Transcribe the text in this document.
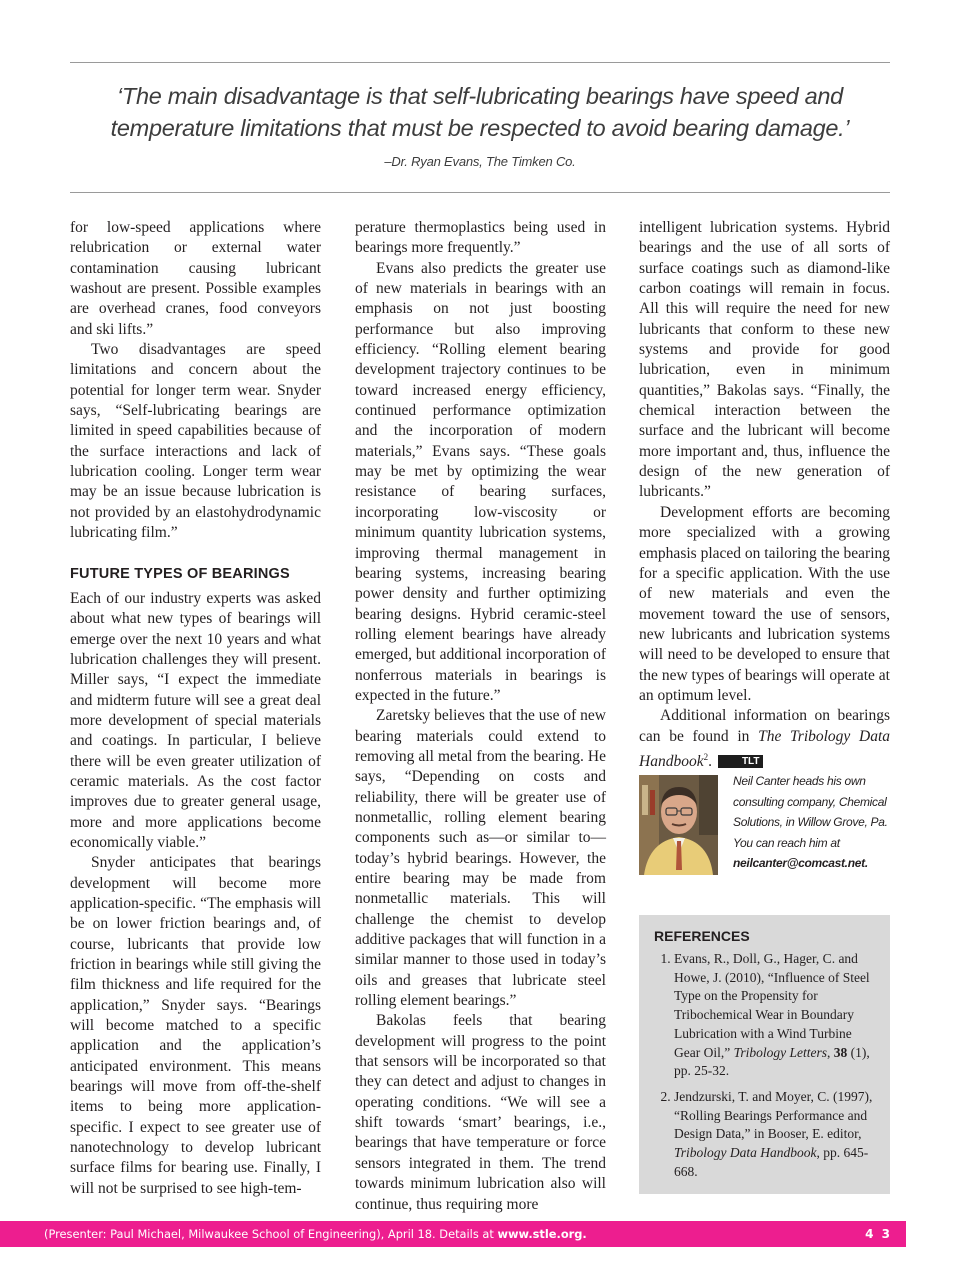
‘The main disadvantage is that self-lubricating bearings have speed and
temperature limitations that must be respected to avoid bearing damage.’
–Dr. Ryan Evans, The Timken Co.

for low-speed applications where relubrication or external water contamination causing lubricant washout are present. Possible examples are overhead cranes, food conveyors and ski lifts.”

Two disadvantages are speed limitations and concern about the potential for longer term wear. Snyder says, “Self-lubricating bearings are limited in speed capabilities because of the surface interactions and lack of lubrication cooling. Longer term wear may be an issue because lubrication is not provided by an elastohydrodynamic lubricating film.”

FUTURE TYPES OF BEARINGS

Each of our industry experts was asked about what new types of bearings will emerge over the next 10 years and what lubrication challenges they will present. Miller says, “I expect the immediate and midterm future will see a great deal more development of special materials and coatings. In particular, I believe there will be even greater utilization of ceramic materials. As the cost factor improves due to greater general usage, more and more applications become economically viable.”

Snyder anticipates that bearings development will become more application-specific. “The emphasis will be on lower friction bearings and, of course, lubricants that provide low friction in bearings while still giving the film thickness and life required for the application,” Snyder says. “Bearings will become matched to a specific application and the application’s anticipated environment. This means bearings will move from off-the-shelf items to being more application-specific. I expect to see greater use of nanotechnology to develop lubricant surface films for bearing use. Finally, I will not be surprised to see high-tem-

perature thermoplastics being used in bearings more frequently.”

Evans also predicts the greater use of new materials in bearings with an emphasis on not just boosting performance but also improving efficiency. “Rolling element bearing development trajectory continues to be toward increased energy efficiency, continued performance optimization and the incorporation of modern materials,” Evans says. “These goals may be met by optimizing the wear resistance of bearing surfaces, incorporating low-viscosity or minimum quantity lubrication systems, improving thermal management in bearing systems, increasing bearing power density and further optimizing bearing designs. Hybrid ceramic-steel rolling element bearings have already emerged, but additional incorporation of nonferrous materials in bearings is expected in the future.”

Zaretsky believes that the use of new bearing materials could extend to removing all metal from the bearing. He says, “Depending on costs and reliability, there will be greater use of nonmetallic, rolling element bearing components such as—or similar to—today’s hybrid bearings. However, the entire bearing may be made from nonmetallic materials. This will challenge the chemist to develop additive packages that will function in a similar manner to those used in today’s oils and greases that lubricate steel rolling element bearings.”

Bakolas feels that bearing development will progress to the point that sensors will be incorporated so that they can detect and adjust to changes in operating conditions. “We will see a shift towards ‘smart’ bearings, i.e., bearings that have temperature or force sensors integrated in them. The trend towards minimum lubrication also will continue, thus requiring more

intelligent lubrication systems. Hybrid bearings and the use of all sorts of surface coatings such as diamond-like carbon coatings will remain in focus. All this will require the need for new lubricants that conform to these new systems and provide for good lubrication, even in minimum quantities,” Bakolas says. “Finally, the chemical interaction between the surface and the lubricant will become more important and, thus, influence the design of the new generation of lubricants.”

Development efforts are becoming more specialized with a growing emphasis placed on tailoring the bearing for a specific application. With the use of new materials and even the movement toward the use of sensors, new lubricants and lubrication systems will need to be developed to ensure that the new types of bearings will operate at an optimum level.

Additional information on bearings can be found in The Tribology Data Handbook$^2$.	TLT

Neil Canter heads his own
consulting company, Chemical
Solutions, in Willow Grove, Pa.
You can reach him at
neilcanter@comcast.net.
REFERENCES
1. Evans, R., Doll, G., Hager, C. and Howe, J. (2010), “Influence of Steel Type on the Propensity for Tribochemical Wear in Boundary Lubrication with a Wind Turbine Gear Oil,” Tribology Letters, 38 (1), pp. 25-32.
2. Jendzurski, T. and Moyer, C. (1997), “Rolling Bearings Performance and Design Data,” in Booser, E. editor, Tribology Data Handbook, pp. 645-668.
(Presenter: Paul Michael, Milwaukee School of Engineering), April 18. Details at www.stle.org.	4 3
